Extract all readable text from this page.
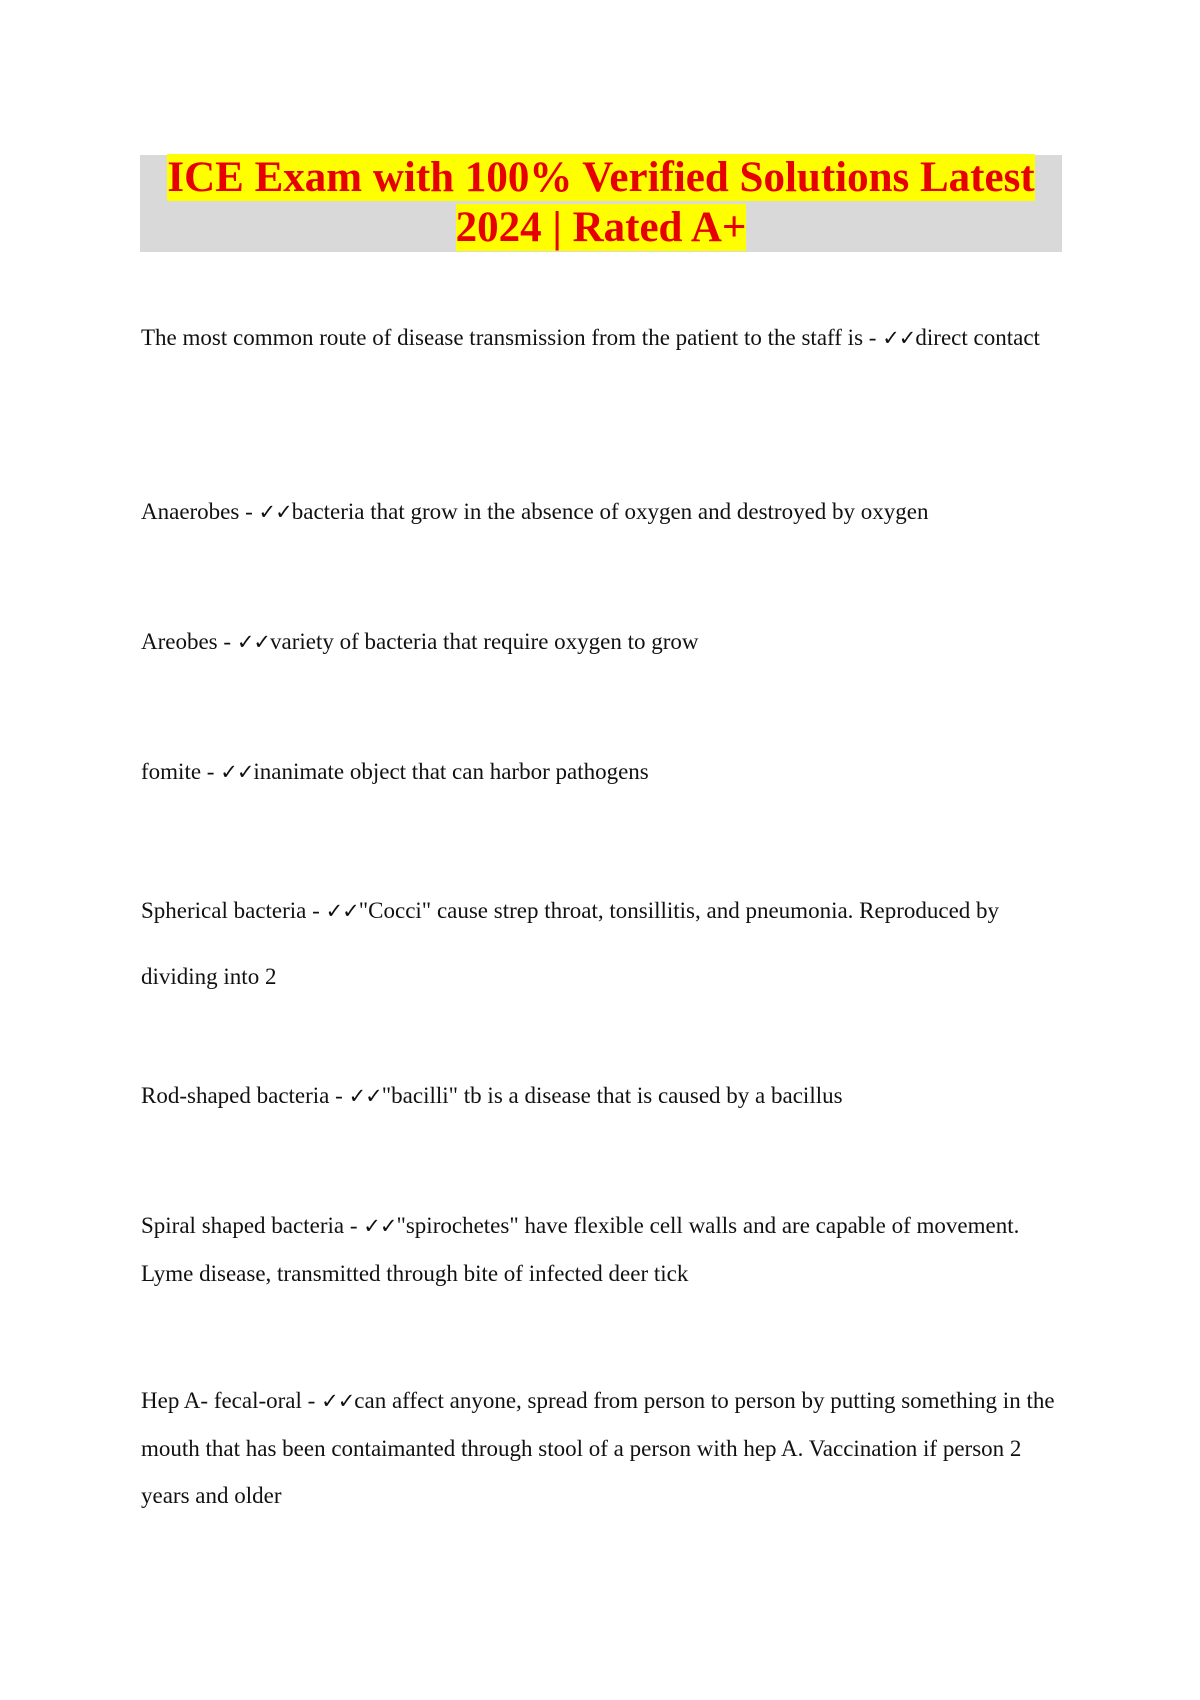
ICE Exam with 100% Verified Solutions Latest 2024 | Rated A+
The most common route of disease transmission from the patient to the staff is - ✓✓direct contact
Anaerobes - ✓✓bacteria that grow in the absence of oxygen and destroyed by oxygen
Areobes - ✓✓variety of bacteria that require oxygen to grow
fomite - ✓✓inanimate object that can harbor pathogens
Spherical bacteria - ✓✓"Cocci" cause strep throat, tonsillitis, and pneumonia. Reproduced by dividing into 2
Rod-shaped bacteria - ✓✓"bacilli" tb is a disease that is caused by a bacillus
Spiral shaped bacteria - ✓✓"spirochetes" have flexible cell walls and are capable of movement. Lyme disease, transmitted through bite of infected deer tick
Hep A- fecal-oral - ✓✓can affect anyone, spread from person to person by putting something in the mouth that has been contaimanted through stool of a person with hep A. Vaccination if person 2 years and older
